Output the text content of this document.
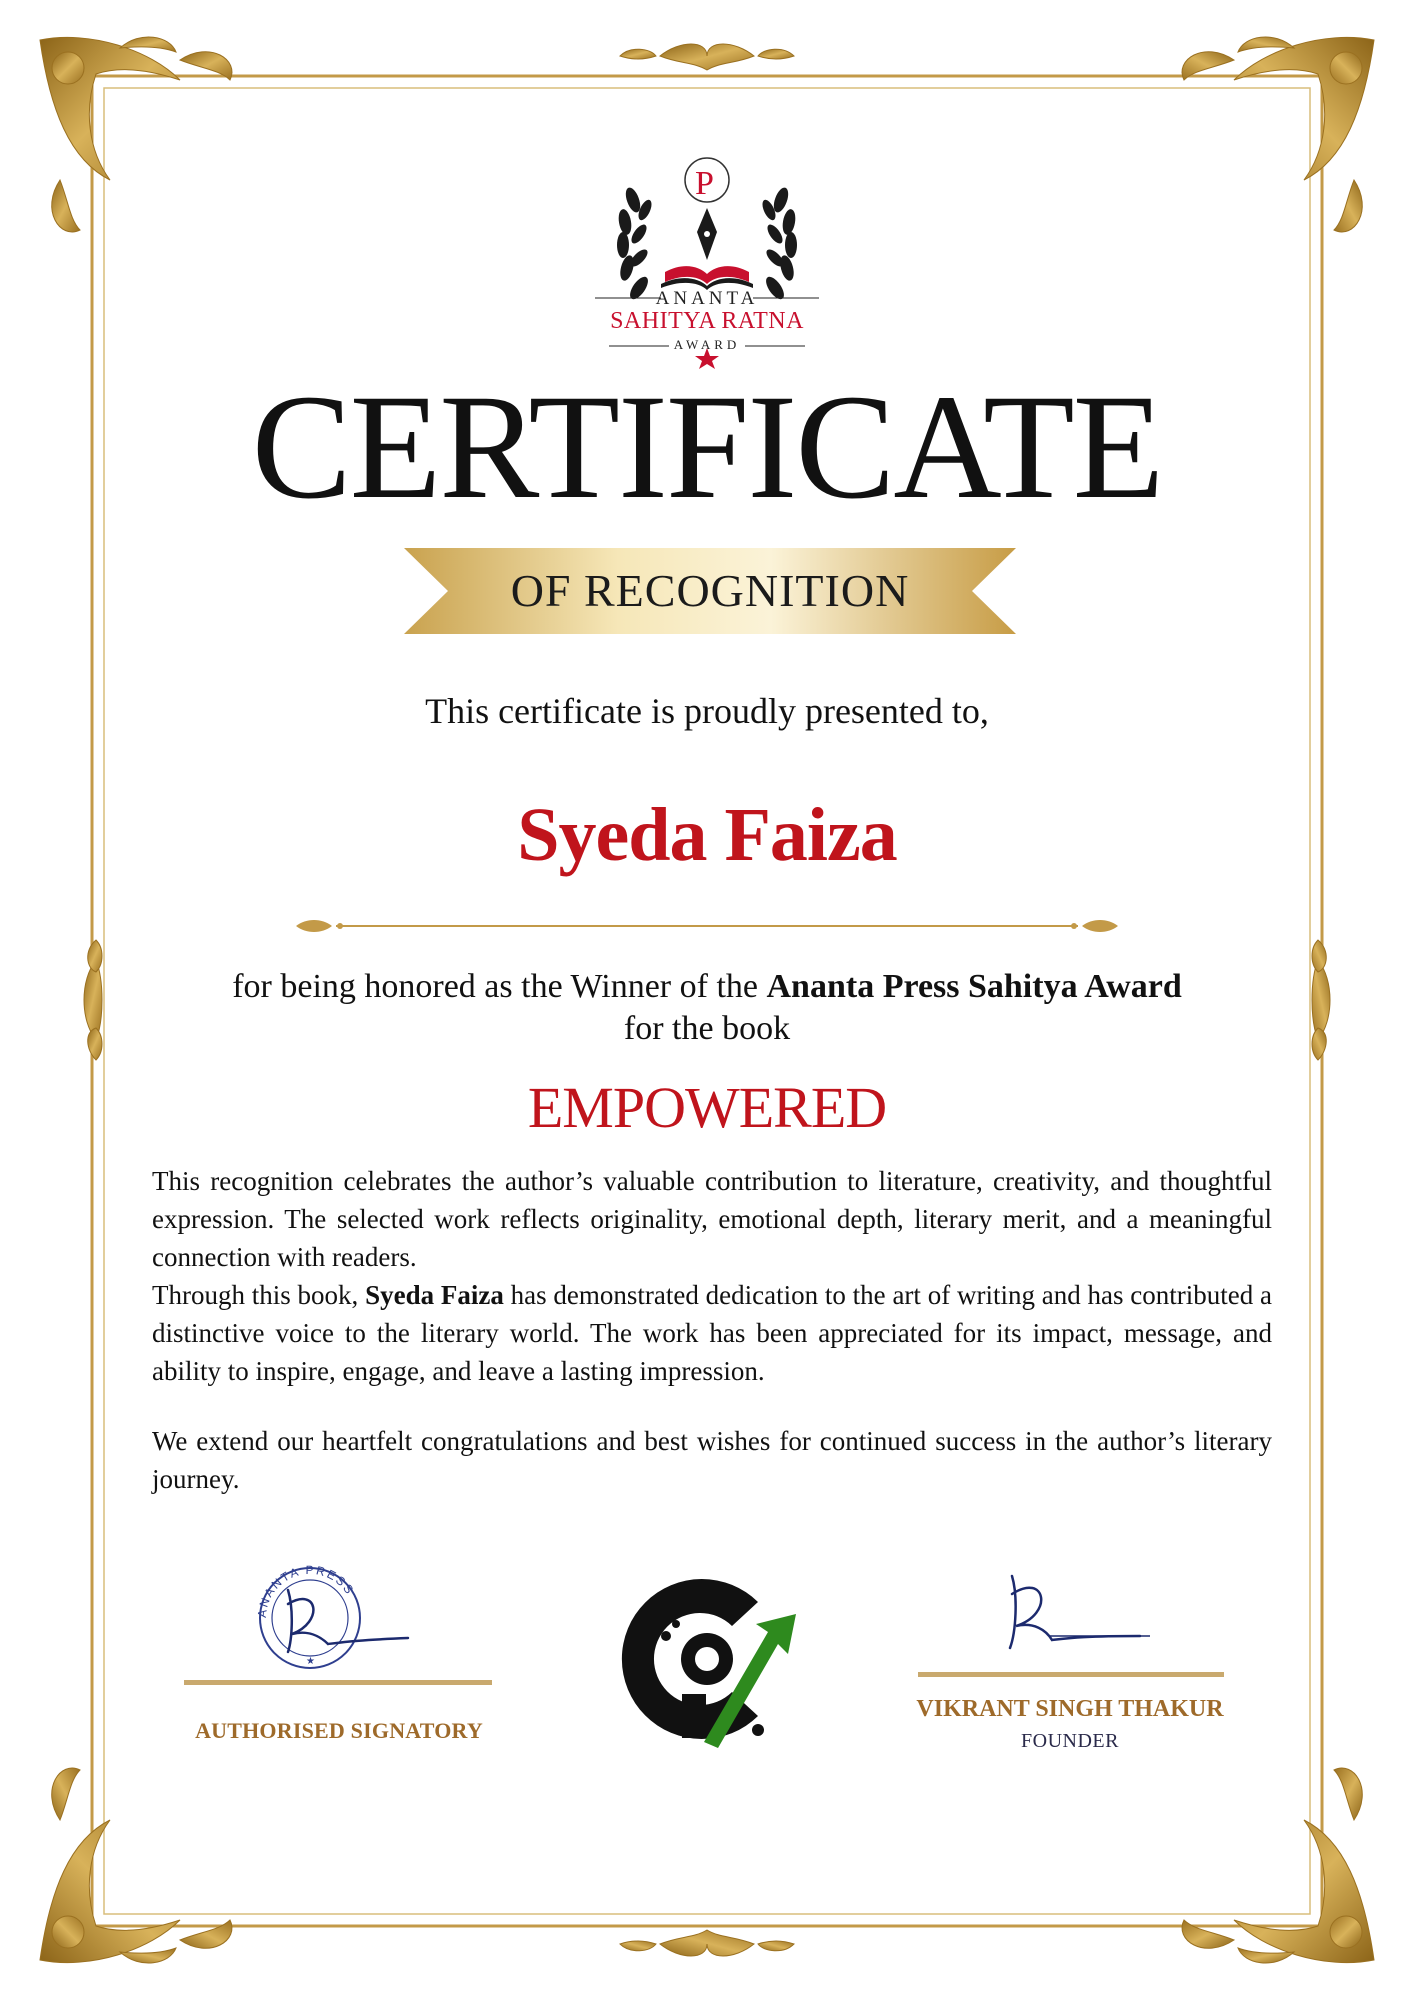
P
ANANTA
SAHITYA RATNA
AWARD
CERTIFICATE
OF RECOGNITION
This certificate is proudly presented to,
Syeda Faiza
for being honored as the Winner of the Ananta Press Sahitya Award
for the book
EMPOWERED
This recognition celebrates the author’s valuable contribution to literature, creativity, and thoughtful expression. The selected work reflects originality, emotional depth, literary merit, and a meaningful connection with readers.
Through this book, Syeda Faiza has demonstrated dedication to the art of writing and has contributed a distinctive voice to the literary world. The work has been appreciated for its impact, message, and ability to inspire, engage, and leave a lasting impression.
We extend our heartfelt congratulations and best wishes for continued success in the author’s literary journey.
ANANTA PRESS
★
AUTHORISED SIGNATORY
VIKRANT SINGH THAKUR
FOUNDER
